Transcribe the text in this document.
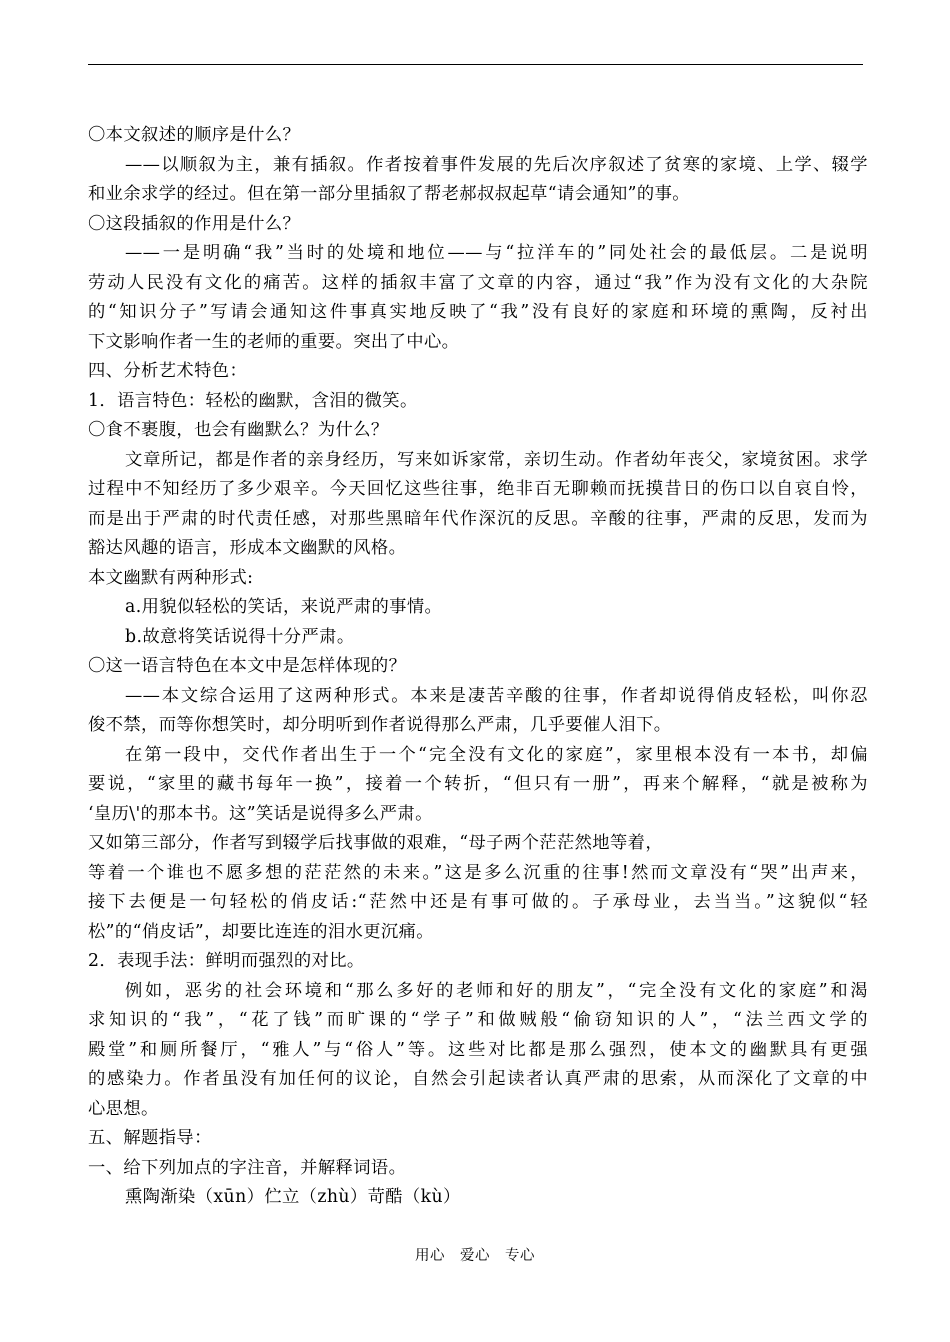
〇本文叙述的顺序是什么？
——以顺叙为主，兼有插叙。作者按着事件发展的先后次序叙述了贫寒的家境、上学、辍学
和业余求学的经过。但在第一部分里插叙了帮老郝叔叔起草“请会通知”的事。
〇这段插叙的作用是什么？
——一是明确“我”当时的处境和地位——与“拉洋车的”同处社会的最低层。二是说明
劳动人民没有文化的痛苦。这样的插叙丰富了文章的内容，通过“我”作为没有文化的大杂院
的“知识分子”写请会通知这件事真实地反映了“我”没有良好的家庭和环境的熏陶，反衬出
下文影响作者一生的老师的重要。突出了中心。
四、分析艺术特色：
1．语言特色：轻松的幽默，含泪的微笑。
〇食不裹腹，也会有幽默么？为什么？
文章所记，都是作者的亲身经历，写来如诉家常，亲切生动。作者幼年丧父，家境贫困。求学
过程中不知经历了多少艰辛。今天回忆这些往事，绝非百无聊赖而抚摸昔日的伤口以自哀自怜，
而是出于严肃的时代责任感，对那些黑暗年代作深沉的反思。辛酸的往事，严肃的反思，发而为
豁达风趣的语言，形成本文幽默的风格。
本文幽默有两种形式:
a.用貌似轻松的笑话，来说严肃的事情。
b.故意将笑话说得十分严肃。
〇这一语言特色在本文中是怎样体现的？
——本文综合运用了这两种形式。本来是凄苦辛酸的往事，作者却说得俏皮轻松，叫你忍
俊不禁，而等你想笑时，却分明听到作者说得那么严肃，几乎要催人泪下。
在第一段中，交代作者出生于一个“完全没有文化的家庭”，家里根本没有一本书，却偏
要说，“家里的藏书每年一换”，接着一个转折，“但只有一册”，再来个解释，“就是被称为
‘皇历\'的那本书。这”笑话是说得多么严肃。
又如第三部分，作者写到辍学后找事做的艰难，“母子两个茫茫然地等着，
等着一个谁也不愿多想的茫茫然的未来。”这是多么沉重的往事!然而文章没有“哭”出声来，
接下去便是一句轻松的俏皮话:“茫然中还是有事可做的。子承母业，去当当。”这貌似“轻
松”的“俏皮话”，却要比连连的泪水更沉痛。
2．表现手法：鲜明而强烈的对比。
例如，恶劣的社会环境和“那么多好的老师和好的朋友”，“完全没有文化的家庭”和渴
求知识的“我”，“花了钱”而旷课的“学子”和做贼般“偷窃知识的人”，“法兰西文学的
殿堂”和厕所餐厅，“雅人”与“俗人”等。这些对比都是那么强烈，使本文的幽默具有更强
的感染力。作者虽没有加任何的议论，自然会引起读者认真严肃的思索，从而深化了文章的中
心思想。
五、解题指导：
一、给下列加点的字注音，并解释词语。
熏陶渐染（xūn）伫立（zhù）苛酷（kù）
用心　爱心　专心
